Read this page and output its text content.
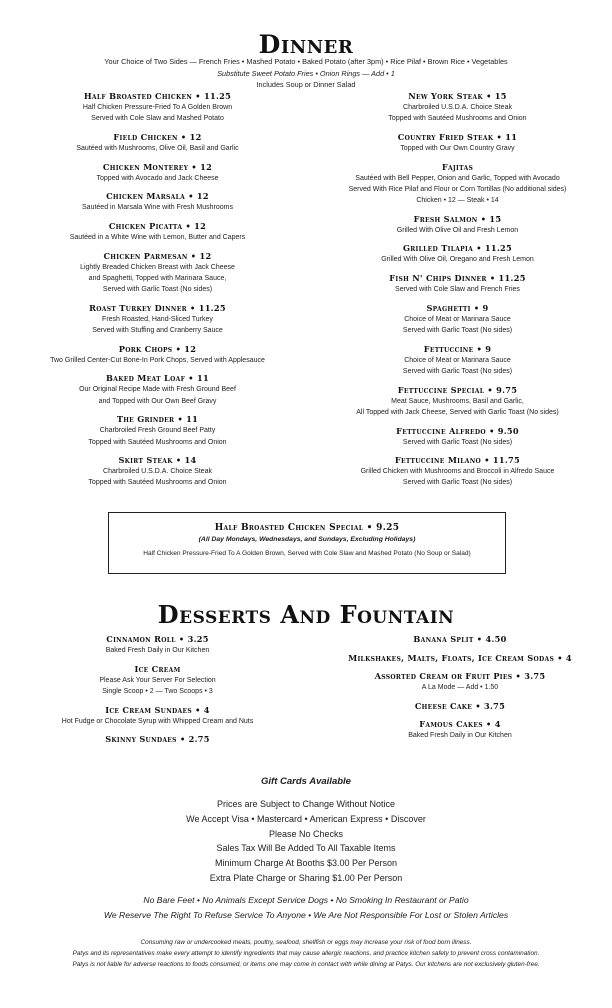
Dinner
Your Choice of Two Sides — French Fries • Mashed Potato • Baked Potato (after 3pm) • Rice Pilaf • Brown Rice • Vegetables
Substitute Sweet Potato Fries • Onion Rings — Add • 1
Includes Soup or Dinner Salad
Half Broasted Chicken • 11.25
Half Chicken Pressure-Fried To A Golden Brown
Served with Cole Slaw and Mashed Potato
Field Chicken • 12
Sautéed with Mushrooms, Olive Oil, Basil and Garlic
Chicken Monterey • 12
Topped with Avocado and Jack Cheese
Chicken Marsala • 12
Sautéed in Marsala Wine with Fresh Mushrooms
Chicken Picatta • 12
Sautéed in a White Wine with Lemon, Butter and Capers
Chicken Parmesan • 12
Lightly Breaded Chicken Breast with Jack Cheese
and Spaghetti, Topped with Marinara Sauce,
Served with Garlic Toast (No sides)
Roast Turkey Dinner • 11.25
Fresh Roasted, Hand-Sliced Turkey
Served with Stuffing and Cranberry Sauce
Pork Chops • 12
Two Grilled Center-Cut Bone-In Pork Chops, Served with Applesauce
Baked Meat Loaf • 11
Our Original Recipe Made with Fresh Ground Beef
and Topped with Our Own Beef Gravy
The Grinder • 11
Charbroiled Fresh Ground Beef Patty
Topped with Sautéed Mushrooms and Onion
Skirt Steak • 14
Charbroiled U.S.D.A. Choice Steak
Topped with Sautéed Mushrooms and Onion
New York Steak • 15
Charbroiled U.S.D.A. Choice Steak
Topped with Sautéed Mushrooms and Onion
Country Fried Steak • 11
Topped with Our Own Country Gravy
Fajitas
Sautéed with Bell Pepper, Onion and Garlic, Topped with Avocado
Served With Rice Pilaf and Flour or Corn Tortillas (No additional sides)
Chicken • 12 — Steak • 14
Fresh Salmon • 15
Grilled With Olive Oil and Fresh Lemon
Grilled Tilapia • 11.25
Grilled With Olive Oil, Oregano and Fresh Lemon
Fish N' Chips Dinner • 11.25
Served with Cole Slaw and French Fries
Spaghetti • 9
Choice of Meat or Marinara Sauce
Served with Garlic Toast (No sides)
Fettuccine • 9
Choice of Meat or Marinara Sauce
Served with Garlic Toast (No sides)
Fettuccine Special • 9.75
Meat Sauce, Mushrooms, Basil and Garlic,
All Topped with Jack Cheese, Served with Garlic Toast (No sides)
Fettuccine Alfredo • 9.50
Served with Garlic Toast (No sides)
Fettuccine Milano • 11.75
Grilled Chicken with Mushrooms and Broccoli in Alfredo Sauce
Served with Garlic Toast (No sides)
Half Broasted Chicken Special • 9.25
(All Day Mondays, Wednesdays, and Sundays, Excluding Holidays)
Half Chicken Pressure-Fried To A Golden Brown, Served with Cole Slaw and Mashed Potato (No Soup or Salad)
Desserts And Fountain
Cinnamon Roll • 3.25
Baked Fresh Daily in Our Kitchen
Ice Cream
Please Ask Your Server For Selection
Single Scoop • 2 — Two Scoops • 3
Ice Cream Sundaes • 4
Hot Fudge or Chocolate Syrup with Whipped Cream and Nuts
Skinny Sundaes • 2.75
Banana Split • 4.50
Milkshakes, Malts, Floats, Ice Cream Sodas • 4
Assorted Cream or Fruit Pies • 3.75
A La Mode — Add • 1.50
Cheese Cake • 3.75
Famous Cakes • 4
Baked Fresh Daily in Our Kitchen
Gift Cards Available
Prices are Subject to Change Without Notice
We Accept Visa • Mastercard • American Express • Discover
Please No Checks
Sales Tax Will Be Added To All Taxable Items
Minimum Charge At Booths $3.00 Per Person
Extra Plate Charge or Sharing $1.00 Per Person
No Bare Feet • No Animals Except Service Dogs • No Smoking In Restaurant or Patio
We Reserve The Right To Refuse Service To Anyone • We Are Not Responsible For Lost or Stolen Articles
Consuming raw or undercooked meats, poultry, seafood, shellfish or eggs may increase your risk of food born illness.
Patys and its representatives make every attempt to identify ingredients that may cause allergic reactions, and practice kitchen safety to prevent cross contamination.
Patys is not liable for adverse reactions to foods consumed, or items one may come in contact with while dining at Patys. Our kitchens are not exclusively gluten-free.
